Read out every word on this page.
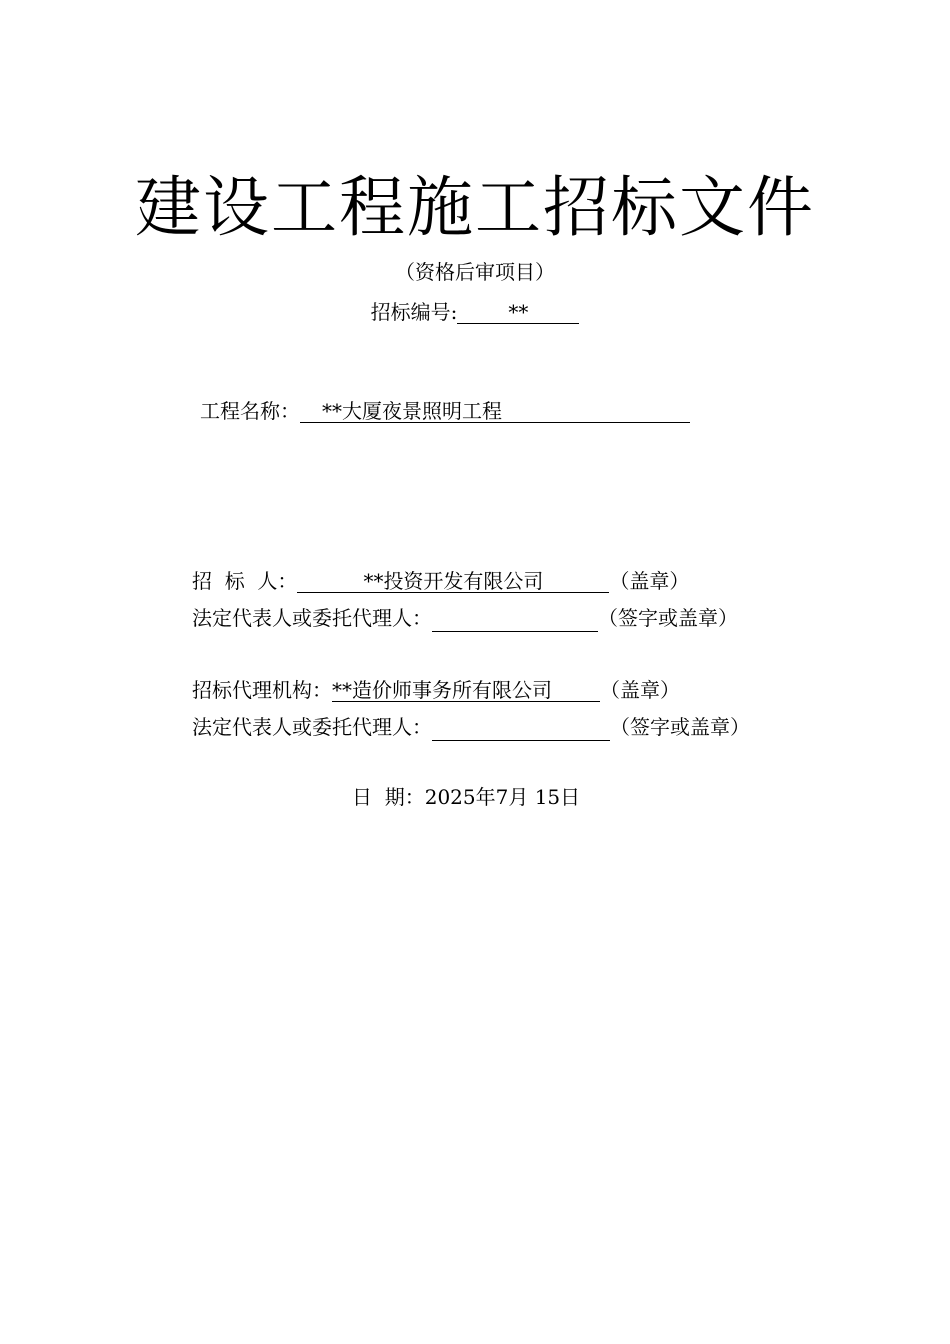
建设工程施工招标文件
（资格后审项目）
招标编号:	**
工程名称： **大厦夜景照明工程
招  标  人：	**投资开发有限公司	（盖章）
法定代表人或委托代理人：	（签字或盖章）
招标代理机构：**造价师事务所有限公司 （盖章）
法定代表人或委托代理人：	（签字或盖章）
日  期：2025年7月 15日
